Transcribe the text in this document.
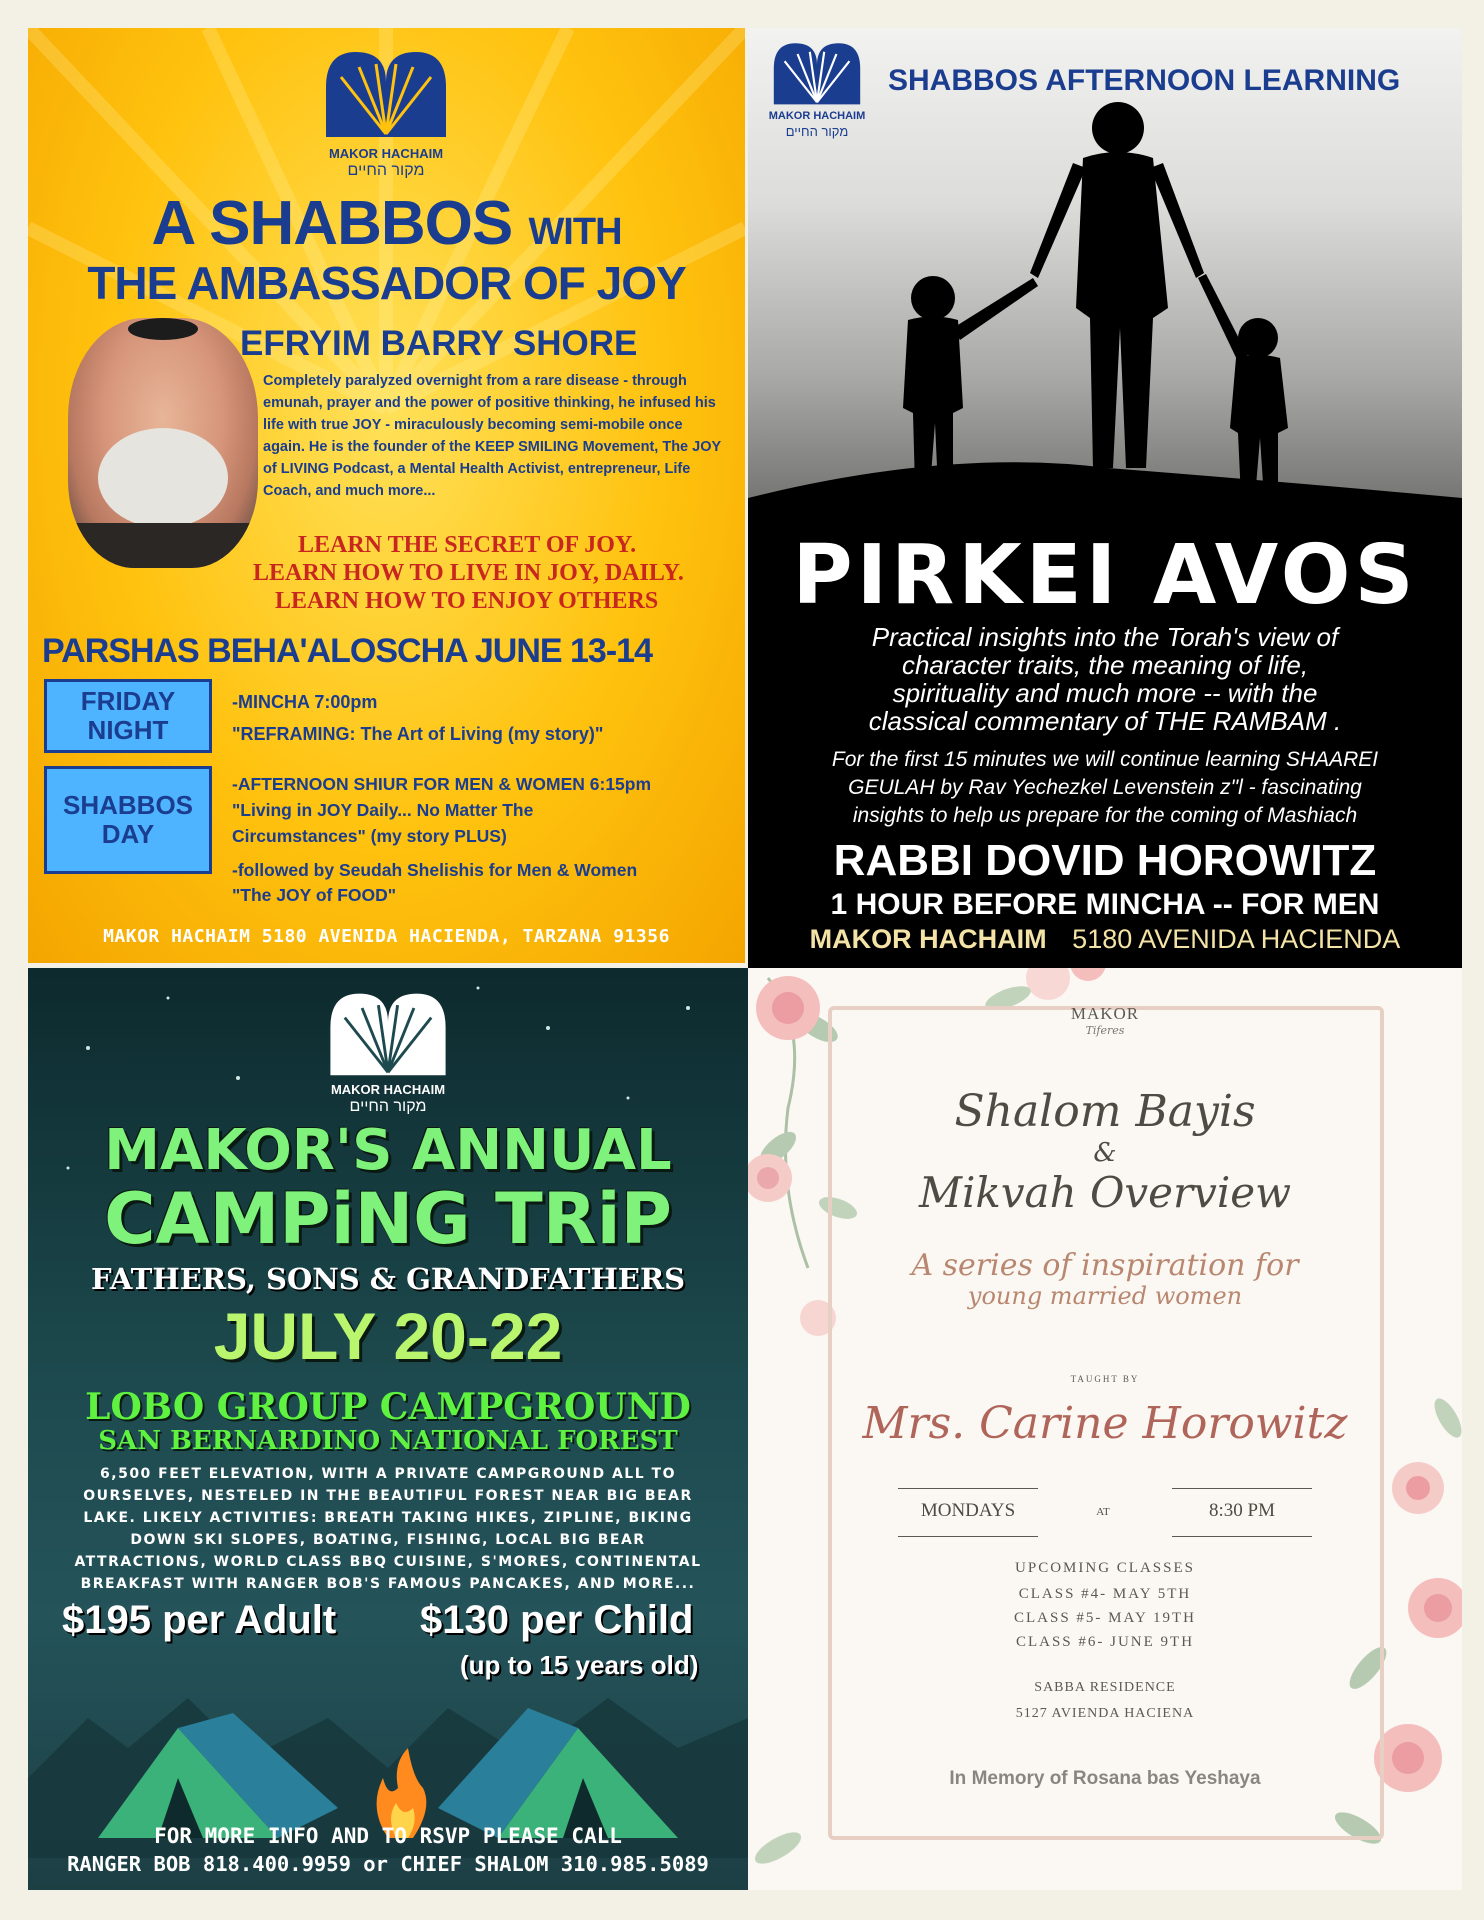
MAKOR HACHAIM
מקור החיים
A SHABBOS WITH
THE AMBASSADOR OF JOY
EFRYIM BARRY SHORE
Completely paralyzed overnight from a rare disease - through emunah, prayer and the power of positive thinking, he infused his life with true JOY - miraculously becoming semi-mobile once again. He is the founder of the KEEP SMILING Movement, The JOY of LIVING Podcast, a Mental Health Activist, entrepreneur, Life Coach, and much more...
LEARN THE SECRET OF JOY.
LEARN HOW TO LIVE IN JOY, DAILY.
LEARN HOW TO ENJOY OTHERS
PARSHAS BEHA'ALOSCHA JUNE 13-14
FRIDAY NIGHT
-MINCHA 7:00pm
"REFRAMING: The Art of Living (my story)"
SHABBOS DAY
-AFTERNOON SHIUR FOR MEN & WOMEN 6:15pm
"Living in JOY Daily... No Matter The
Circumstances" (my story PLUS)
-followed by Seudah Shelishis for Men & Women
"The JOY of FOOD"
MAKOR HACHAIM 5180 AVENIDA HACIENDA, TARZANA 91356
MAKOR HACHAIM
מקור החיים
SHABBOS AFTERNOON LEARNING
PIRKEI AVOS
Practical insights into the Torah's view of
character traits, the meaning of life,
spirituality and much more -- with the
classical commentary of THE RAMBAM .
For the first 15 minutes we will continue learning SHAAREI
GEULAH by Rav Yechezkel Levenstein z"l - fascinating
insights to help us prepare for the coming of Mashiach
RABBI DOVID HOROWITZ
1 HOUR BEFORE MINCHA -- FOR MEN
MAKOR HACHAIM 5180 AVENIDA HACIENDA
MAKOR HACHAIM
מקור החיים
MAKOR'S ANNUAL
CAMPiNG TRiP
FATHERS, SONS & GRANDFATHERS
JULY 20-22
LOBO GROUP CAMPGROUND
SAN BERNARDINO NATIONAL FOREST
6,500 FEET ELEVATION, WITH A PRIVATE CAMPGROUND ALL TO
OURSELVES, NESTELED IN THE BEAUTIFUL FOREST NEAR BIG BEAR
LAKE. LIKELY ACTIVITIES: BREATH TAKING HIKES, ZIPLINE, BIKING
DOWN SKI SLOPES, BOATING, FISHING, LOCAL BIG BEAR
ATTRACTIONS, WORLD CLASS BBQ CUISINE, S'MORES, CONTINENTAL
BREAKFAST WITH RANGER BOB'S FAMOUS PANCAKES, AND MORE...
$195 per Adult $130 per Child
(up to 15 years old)
FOR MORE INFO AND TO RSVP PLEASE CALL
RANGER BOB 818.400.9959 or CHIEF SHALOM 310.985.5089
MAKOR
Tiferes
Shalom Bayis
&
Mikvah Overview
A series of inspiration for
young married women
TAUGHT BY
Mrs. Carine Horowitz
MONDAYS	AT	8:30 PM
UPCOMING CLASSES
CLASS #4- MAY 5TH
CLASS #5- MAY 19TH
CLASS #6- JUNE 9TH
SABBA RESIDENCE
5127 AVIENDA HACIENA
In Memory of Rosana bas Yeshaya
